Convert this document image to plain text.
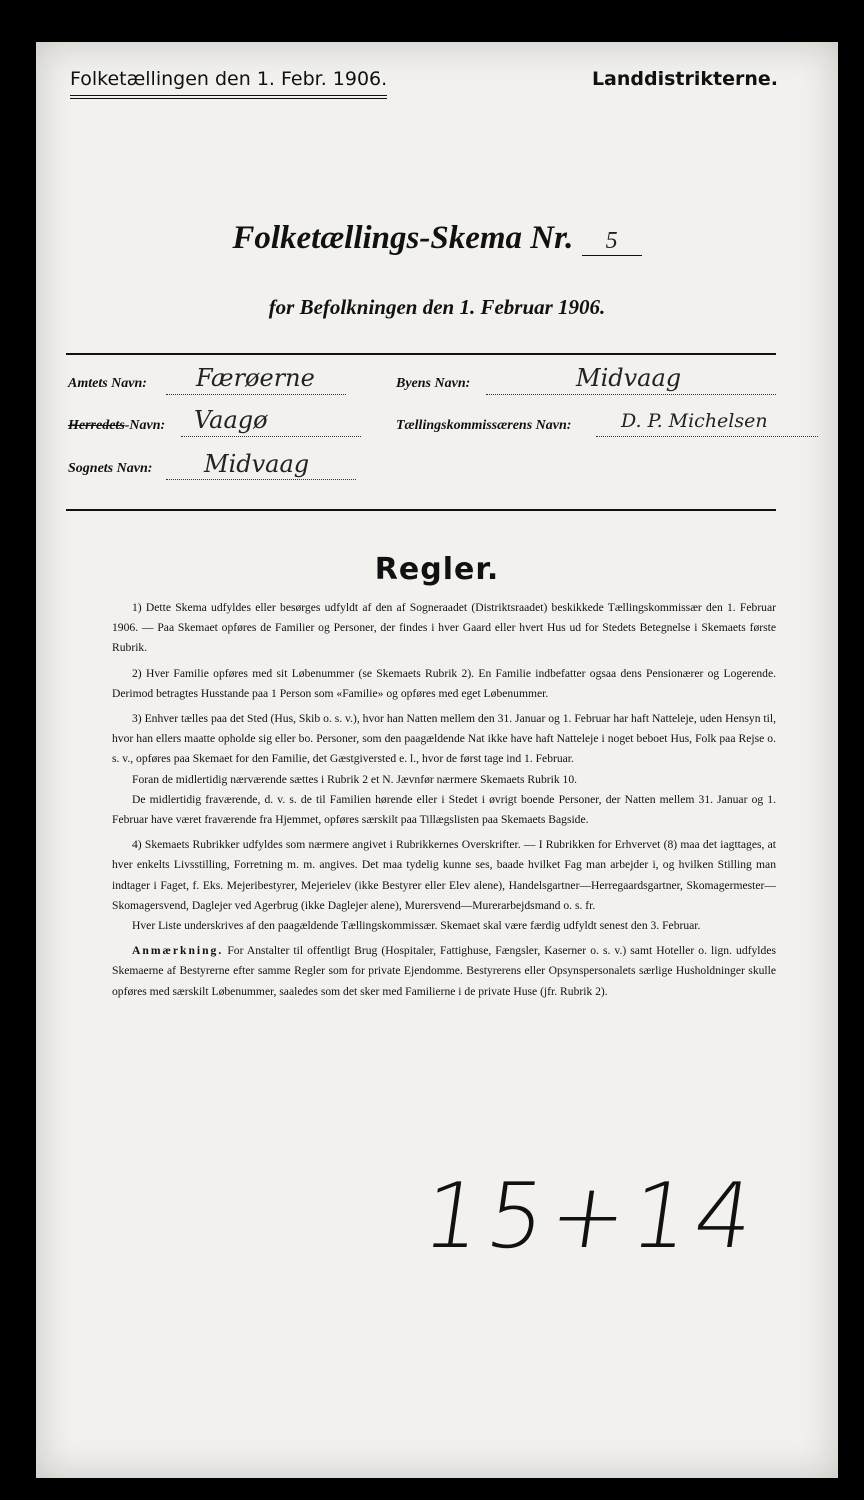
Folketællingen den 1. Febr. 1906.	Landdistrikterne.
Folketællings-Skema Nr. 5
for Befolkningen den 1. Februar 1906.
Amtets Navn: Færøerne
Herredets-Navn: Vaagø
Sognets Navn: Midvaag
Byens Navn:	Midvaag
Tællingskommissærens Navn:	D. P. Michelsen
Regler.

1) Dette Skema udfyldes eller besørges udfyldt af den af Sogneraadet (Distriktsraadet) beskikkede Tællingskommissær den 1. Februar 1906. — Paa Skemaet opføres de Familier og Personer, der findes i hver Gaard eller hvert Hus ud for Stedets Betegnelse i Skemaets første Rubrik.

2) Hver Familie opføres med sit Løbenummer (se Skemaets Rubrik 2). En Familie indbefatter ogsaa dens Pensionærer og Logerende. Derimod betragtes Husstande paa 1 Person som «Familie» og opføres med eget Løbenummer.

3) Enhver tælles paa det Sted (Hus, Skib o. s. v.), hvor han Natten mellem den 31. Januar og 1. Februar har haft Natteleje, uden Hensyn til, hvor han ellers maatte opholde sig eller bo. Personer, som den paagældende Nat ikke have haft Natteleje i noget beboet Hus, Folk paa Rejse o. s. v., opføres paa Skemaet for den Familie, det Gæstgiversted e. l., hvor de først tage ind 1. Februar.

Foran de midlertidig nærværende sættes i Rubrik 2 et N. Jævnfør nærmere Skemaets Rubrik 10.

De midlertidig fraværende, d. v. s. de til Familien hørende eller i Stedet i øvrigt boende Personer, der Natten mellem 31. Januar og 1. Februar have været fraværende fra Hjemmet, opføres særskilt paa Tillægslisten paa Skemaets Bagside.

4) Skemaets Rubrikker udfyldes som nærmere angivet i Rubrikkernes Overskrifter. — I Rubrikken for Erhvervet (8) maa det iagttages, at hver enkelts Livsstilling, Forretning m. m. angives. Det maa tydelig kunne ses, baade hvilket Fag man arbejder i, og hvilken Stilling man indtager i Faget, f. Eks. Mejeribestyrer, Mejerielev (ikke Bestyrer eller Elev alene), Handelsgartner—Herregaardsgartner, Skomagermester—Skomagersvend, Daglejer ved Agerbrug (ikke Daglejer alene), Murersvend—Murerarbejdsmand o. s. fr.

Hver Liste underskrives af den paagældende Tællingskommissær. Skemaet skal være færdig udfyldt senest den 3. Februar.

Anmærkning. For Anstalter til offentligt Brug (Hospitaler, Fattighuse, Fængsler, Kaserner o. s. v.) samt Hoteller o. lign. udfyldes Skemaerne af Bestyrerne efter samme Regler som for private Ejendomme. Bestyrerens eller Opsynspersonalets særlige Husholdninger skulle opføres med særskilt Løbenummer, saaledes som det sker med Familierne i de private Huse (jfr. Rubrik 2).

15+14
